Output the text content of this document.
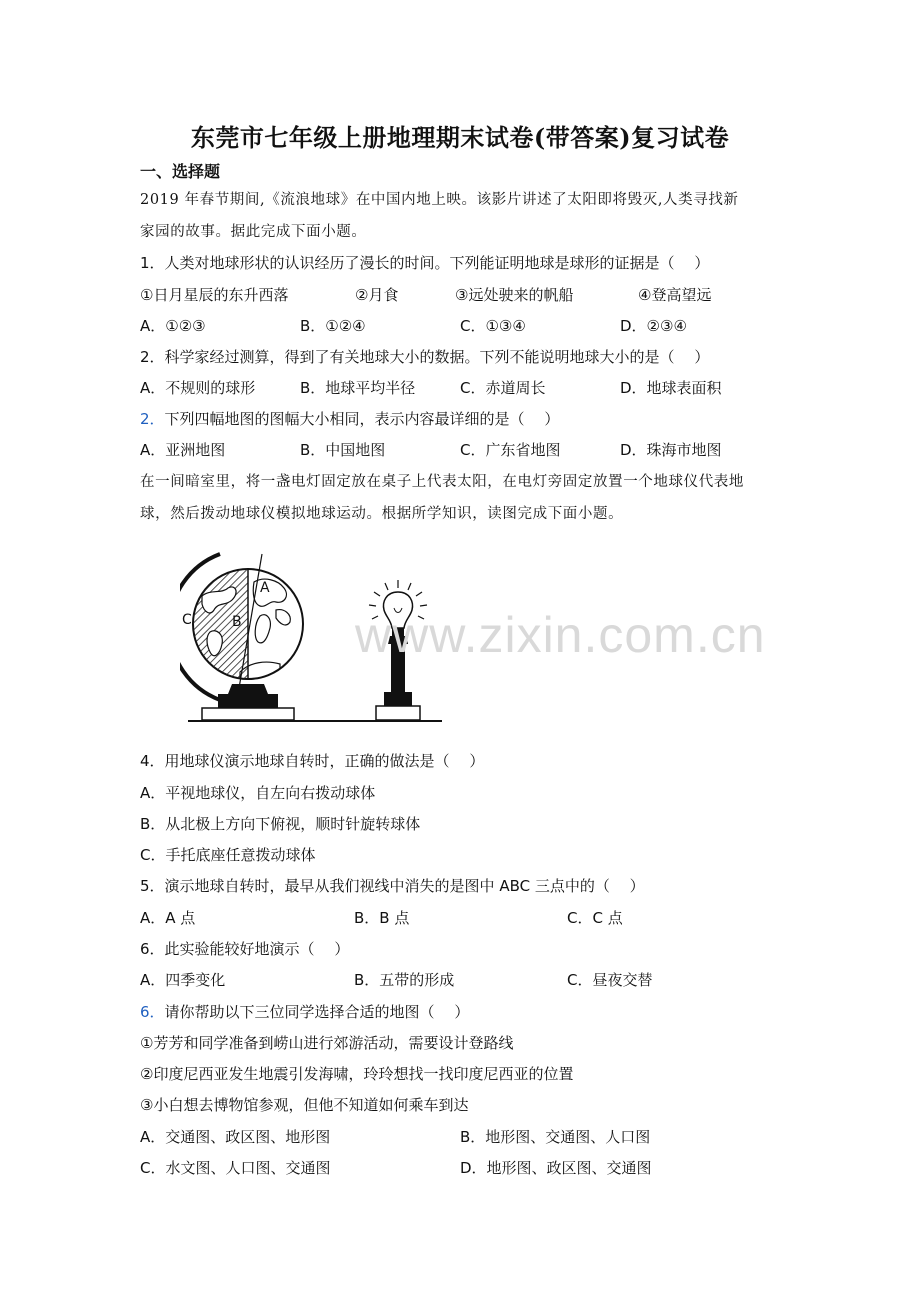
东莞市七年级上册地理期末试卷(带答案)复习试卷
一、选择题
2019 年春节期间,《流浪地球》在中国内地上映。该影片讲述了太阳即将毁灭,人类寻找新
家园的故事。据此完成下面小题。
1．人类对地球形状的认识经历了漫长的时间。下列能证明地球是球形的证据是（　 ）
①日月星辰的东升西落	②月食	③远处驶来的帆船	④登高望远
A．①②③	B．①②④	C．①③④	D．②③④
2．科学家经过测算，得到了有关地球大小的数据。下列不能说明地球大小的是（　 ）
A．不规则的球形	B．地球平均半径	C．赤道周长	D．地球表面积
2．下列四幅地图的图幅大小相同，表示内容最详细的是（　 ）
A．亚洲地图	B．中国地图	C．广东省地图	D．珠海市地图
在一间暗室里，将一盏电灯固定放在桌子上代表太阳，在电灯旁固定放置一个地球仪代表地
球，然后拨动地球仪模拟地球运动。根据所学知识，读图完成下面小题。
A
B
C	www.zixin.com.cn
4．用地球仪演示地球自转时，正确的做法是（　 ）
A．平视地球仪，自左向右拨动球体
B．从北极上方向下俯视，顺时针旋转球体
C．手托底座任意拨动球体
5．演示地球自转时，最早从我们视线中消失的是图中 ABC 三点中的（　 ）
A．A 点	B．B 点	C．C 点
6．此实验能较好地演示（　 ）
A．四季变化	B．五带的形成	C．昼夜交替
6．请你帮助以下三位同学选择合适的地图（　 ）
①芳芳和同学准备到崂山进行郊游活动，需要设计登路线
②印度尼西亚发生地震引发海啸，玲玲想找一找印度尼西亚的位置
③小白想去博物馆参观，但他不知道如何乘车到达
A．交通图、政区图、地形图	B．地形图、交通图、人口图
C．水文图、人口图、交通图	D．地形图、政区图、交通图
